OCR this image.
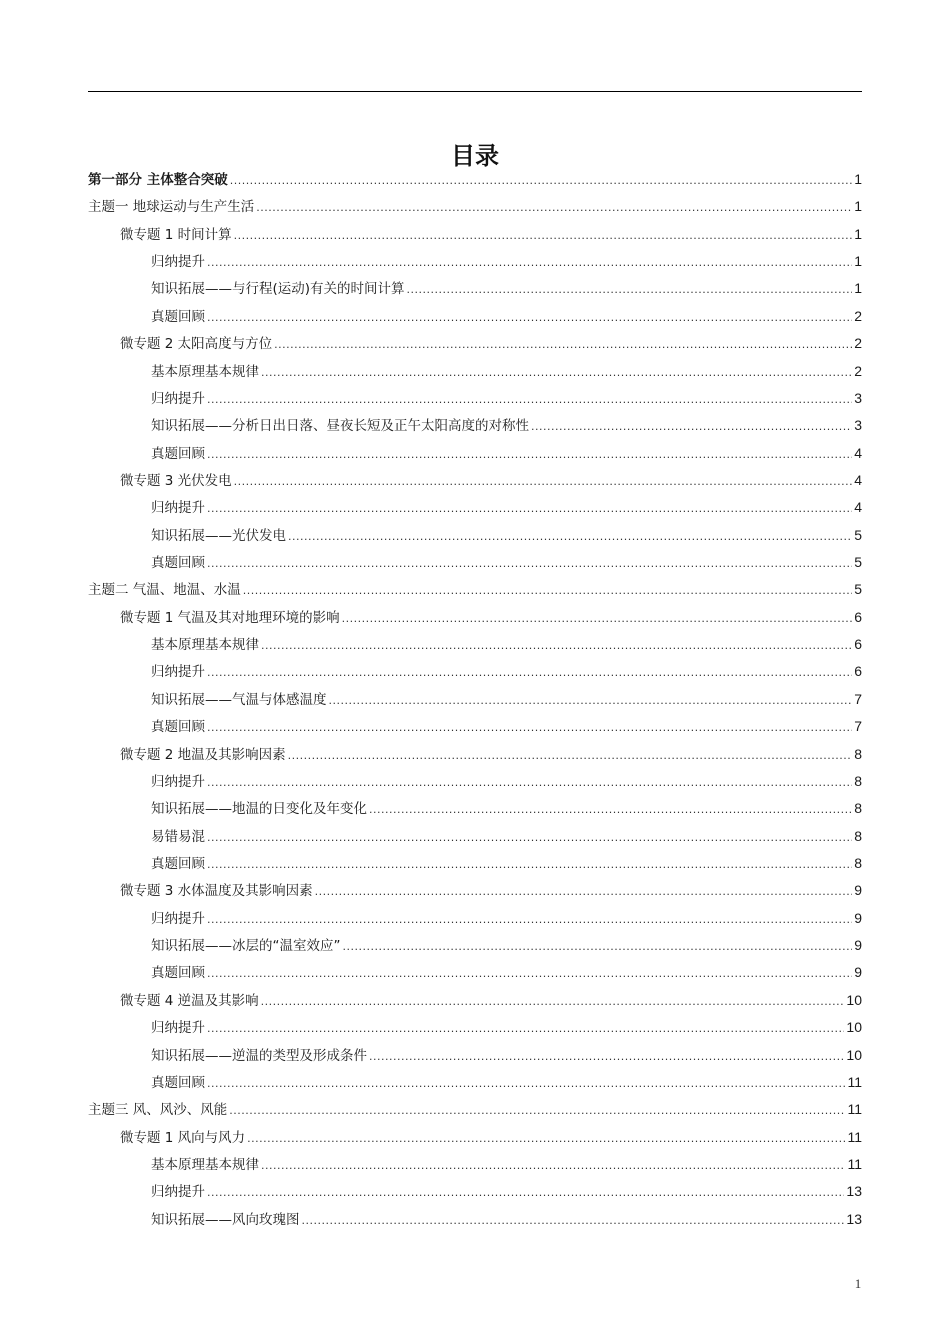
目录
第一部分 主体整合突破 .....	1
主题一 地球运动与生产生活 .....	1
微专题 1 时间计算 .....	1
归纳提升 .....	1
知识拓展——与行程(运动)有关的时间计算 .....	1
真题回顾 .....	2
微专题 2 太阳高度与方位 .....	2
基本原理基本规律 .....	2
归纳提升 .....	3
知识拓展——分析日出日落、昼夜长短及正午太阳高度的对称性 .....	3
真题回顾 .....	4
微专题 3 光伏发电 .....	4
归纳提升 .....	4
知识拓展——光伏发电 .....	5
真题回顾 .....	5
主题二 气温、地温、水温 .....	5
微专题 1 气温及其对地理环境的影响 .....	6
基本原理基本规律 .....	6
归纳提升 .....	6
知识拓展——气温与体感温度 .....	7
真题回顾 .....	7
微专题 2 地温及其影响因素 .....	8
归纳提升 .....	8
知识拓展——地温的日变化及年变化 .....	8
易错易混 .....	8
真题回顾 .....	8
微专题 3 水体温度及其影响因素 .....	9
归纳提升 .....	9
知识拓展——冰层的“温室效应” .....	9
真题回顾 .....	9
微专题 4 逆温及其影响 .....	10
归纳提升 .....	10
知识拓展——逆温的类型及形成条件 .....	10
真题回顾 .....	11
主题三 风、风沙、风能 .....	11
微专题 1 风向与风力 .....	11
基本原理基本规律 .....	11
归纳提升 .....	13
知识拓展——风向玫瑰图 .....	13
1
